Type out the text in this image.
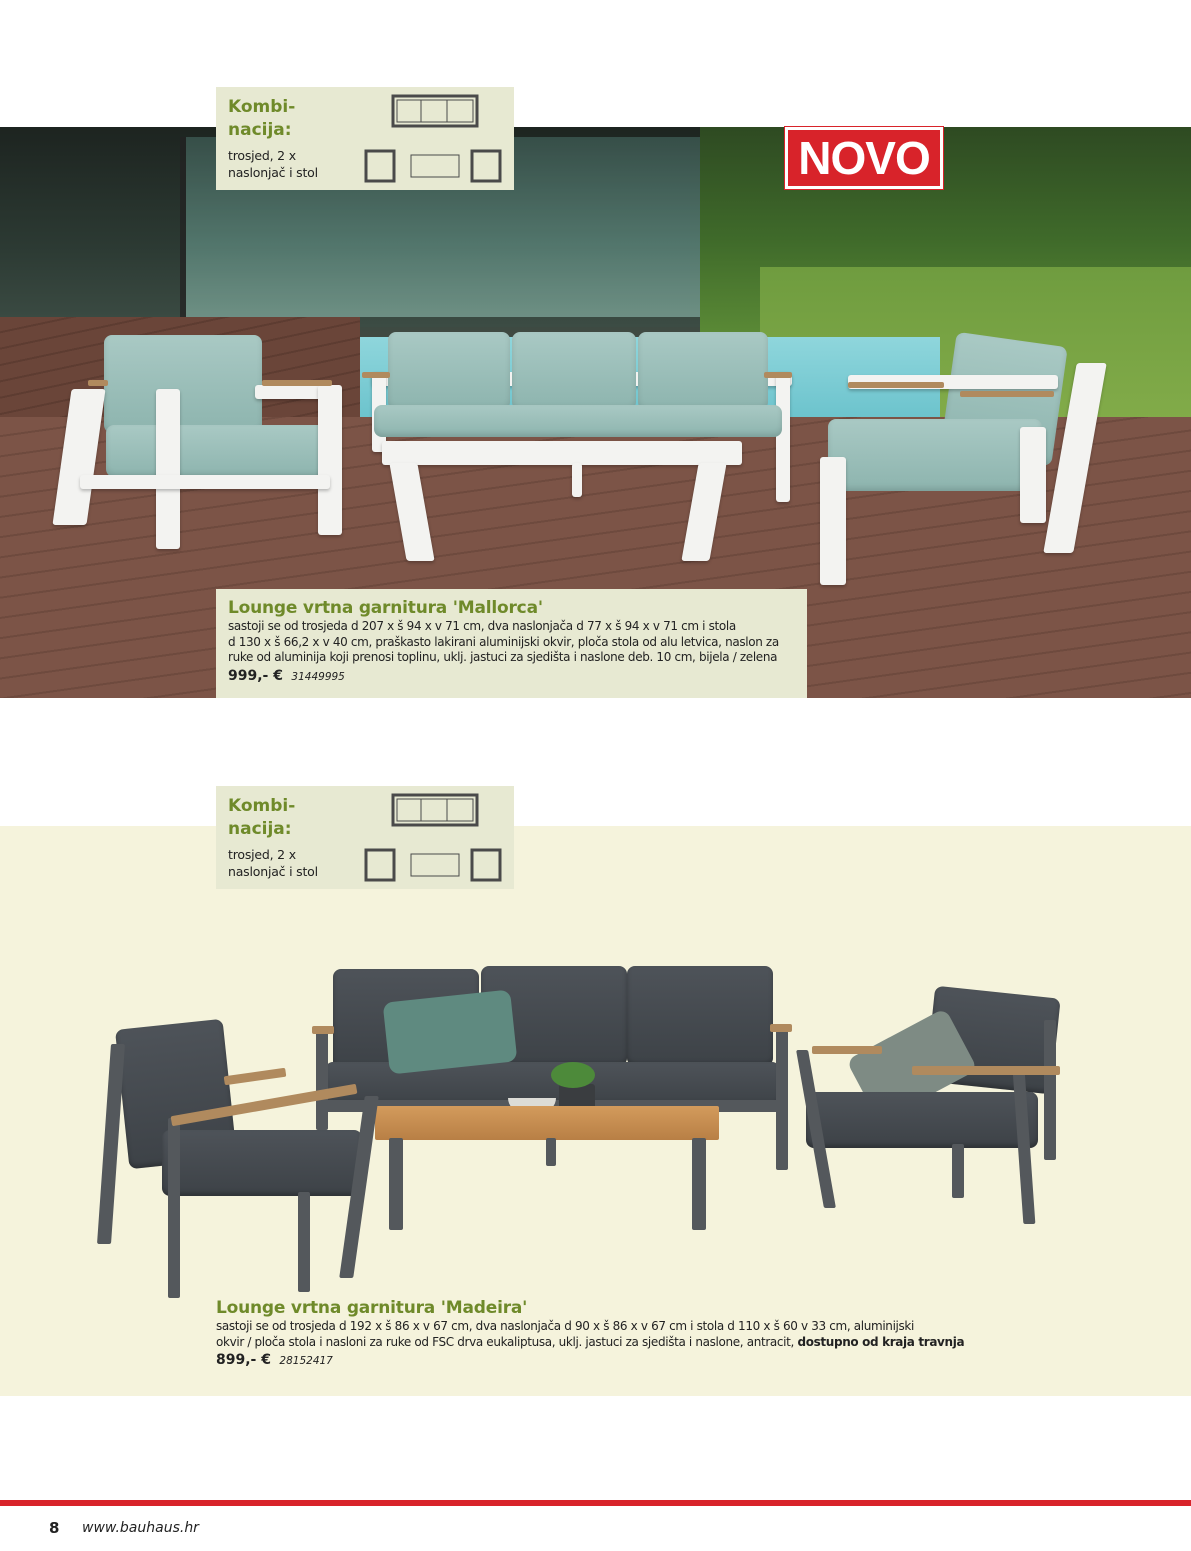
NOVO
Kombi-
nacija:
trosjed, 2 x
naslonjač i stol
Lounge vrtna garnitura 'Mallorca'
sastoji se od trosjeda d 207 x š 94 x v 71 cm, dva naslonjača d 77 x š 94 x v 71 cm i stola
d 130 x š 66,2 x v 40 cm, praškasto lakirani aluminijski okvir, ploča stola od alu letvica, naslon za
ruke od aluminija koji prenosi toplinu, uklj. jastuci za sjedišta i naslone deb. 10 cm, bijela / zelena
999,- € 31449995
Kombi-
nacija:
trosjed, 2 x
naslonjač i stol
Lounge vrtna garnitura 'Madeira'
sastoji se od trosjeda d 192 x š 86 x v 67 cm, dva naslonjača d 90 x š 86 x v 67 cm i stola d 110 x š 60 v 33 cm, aluminijski
okvir / ploča stola i nasloni za ruke od FSC drva eukaliptusa, uklj. jastuci za sjedišta i naslone, antracit, dostupno od kraja travnja
899,- € 28152417
8 www.bauhaus.hr
